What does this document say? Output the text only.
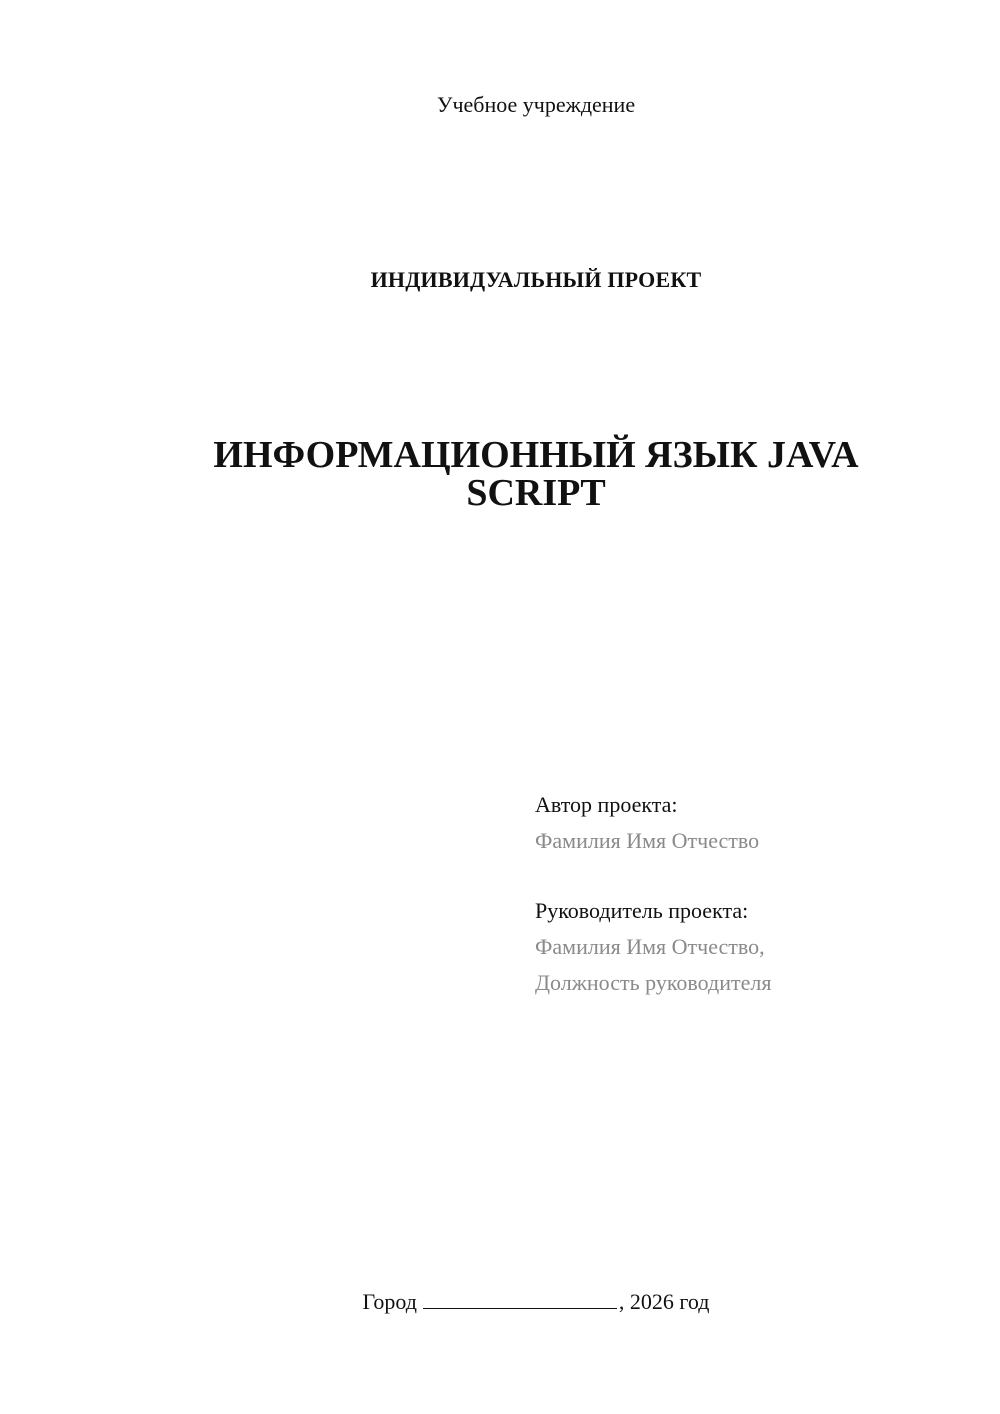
Учебное учреждение
ИНДИВИДУАЛЬНЫЙ ПРОЕКТ
ИНФОРМАЦИОННЫЙ ЯЗЫК JAVA
SCRIPT
Автор проекта:
Фамилия Имя Отчество
Руководитель проекта:
Фамилия Имя Отчество,
Должность руководителя
Город	, 2026 год
